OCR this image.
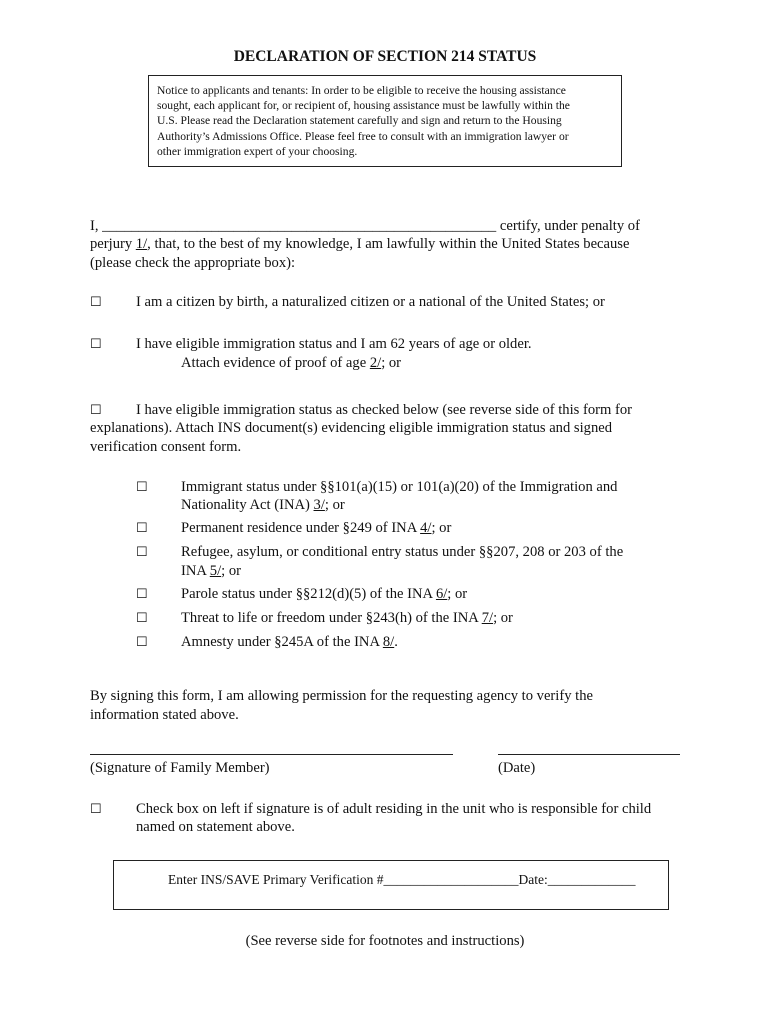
DECLARATION OF SECTION 214 STATUS
Notice to applicants and tenants: In order to be eligible to receive the housing assistance
sought, each applicant for, or recipient of, housing assistance must be lawfully within the
U.S. Please read the Declaration statement carefully and sign and return to the Housing
Authority’s Admissions Office. Please feel free to consult with an immigration lawyer or
other immigration expert of your choosing.
I, ______________________________________________________ certify, under penalty of
perjury 1/, that, to the best of my knowledge, I am lawfully within the United States because
(please check the appropriate box):
☐ I am a citizen by birth, a naturalized citizen or a national of the United States; or
☐ I have eligible immigration status and I am 62 years of age or older.
Attach evidence of proof of age 2/; or
☐ I have eligible immigration status as checked below (see reverse side of this form for
explanations). Attach INS document(s) evidencing eligible immigration status and signed
verification consent form.
☐ Immigrant status under §§101(a)(15) or 101(a)(20) of the Immigration and
Nationality Act (INA) 3/; or
☐ Permanent residence under §249 of INA 4/; or
☐ Refugee, asylum, or conditional entry status under §§207, 208 or 203 of the
INA 5/; or
☐ Parole status under §§212(d)(5) of the INA 6/; or
☐ Threat to life or freedom under §243(h) of the INA 7/; or
☐ Amnesty under §245A of the INA 8/.
By signing this form, I am allowing permission for the requesting agency to verify the
information stated above.
(Signature of Family Member)	(Date)
☐ Check box on left if signature is of adult residing in the unit who is responsible for child
named on statement above.
Enter INS/SAVE Primary Verification #____________________Date:_____________
(See reverse side for footnotes and instructions)
